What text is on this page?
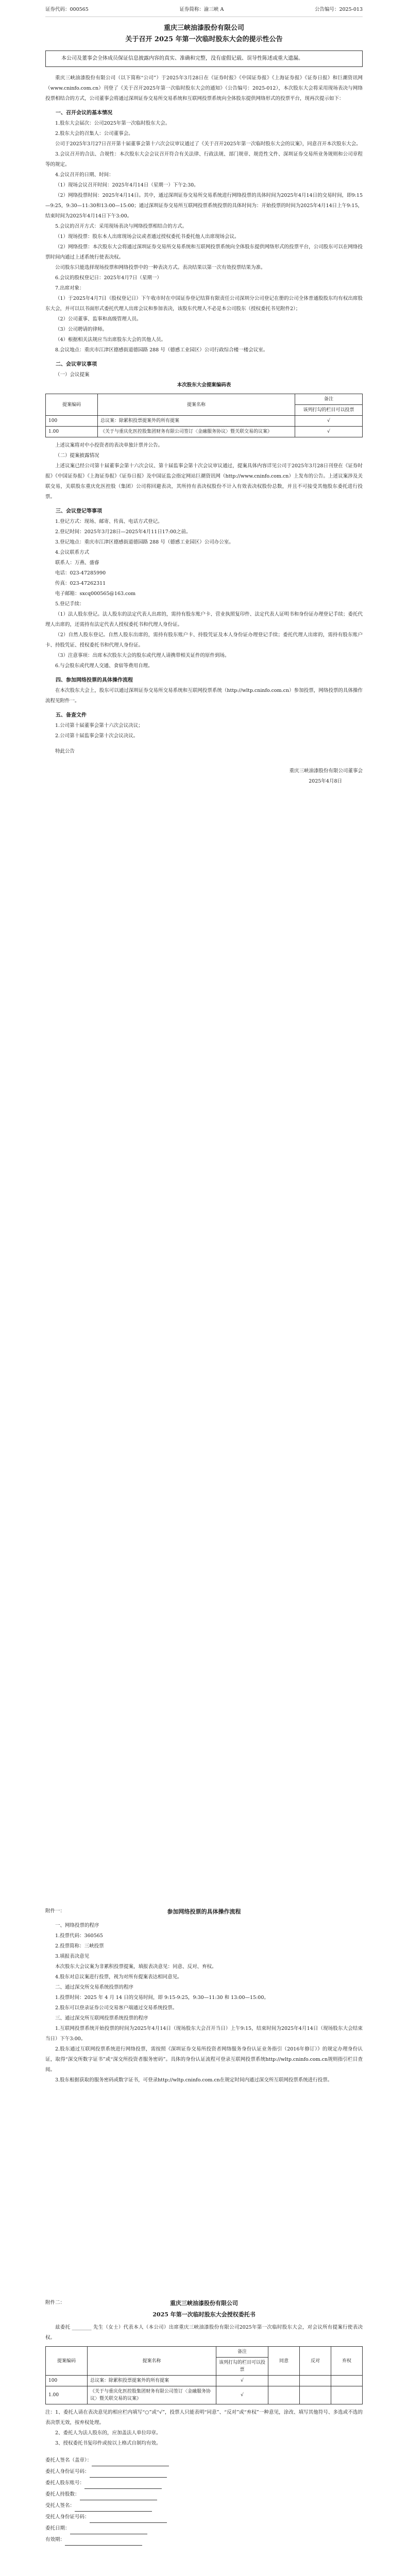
证券代码：000565	证券简称：渝三峡 A	公告编号：2025-013

重庆三峡油漆股份有限公司

关于召开 2025 年第一次临时股东大会的提示性公告

本公司及董事会全体成员保证信息披露内容的真实、准确和完整，没有虚假记载、误导性陈述或重大遗漏。

重庆三峡油漆股份有限公司（以下简称“公司”）于2025年3月28日在《证券时报》《中国证券报》《上海证券报》《证券日报》和巨潮资讯网（www.cninfo.com.cn）刊登了《关于召开2025年第一次临时股东大会的通知》（公告编号：2025-012），本次股东大会将采用现场表决与网络投票相结合的方式，公司董事会将通过深圳证券交易所交易系统和互联网投票系统向全体股东提供网络形式的投票平台，现再次提示如下：

一、召开会议的基本情况

1.股东大会届次：公司2025年第一次临时股东大会。

2.股东大会的召集人：公司董事会。

公司于2025年3月27日召开第十届董事会第十六次会议审议通过了《关于召开2025年第一次临时股东大会的议案》，同意召开本次股东大会。

3.会议召开的合法、合规性：本次股东大会会议召开符合有关法律、行政法规、部门规章、规范性文件、深圳证券交易所业务规则和公司章程等的规定。

4.会议召开的日期、时间：

（1）现场会议召开时间：2025年4月14日（星期一）下午2:30。

（2）网络投票时间：2025年4月14日。其中，通过深圳证券交易所交易系统进行网络投票的具体时间为2025年4月14日的交易时间，即9:15—9:25，9:30—11:30和13:00—15:00；通过深圳证券交易所互联网投票系统投票的具体时间为：开始投票的时间为2025年4月14日上午9:15，结束时间为2025年4月14日下午3:00。

5.会议的召开方式：采用现场表决与网络投票相结合的方式。

（1）现场投票：股东本人出席现场会议或者通过授权委托书委托他人出席现场会议。

（2）网络投票：本次股东大会将通过深圳证券交易所交易系统和互联网投票系统向全体股东提供网络形式的投票平台，公司股东可以在网络投票时间内通过上述系统行使表决权。

公司股东只能选择现场投票和网络投票中的一种表决方式。表决结果以第一次有效投票结果为准。

6.会议的股权登记日：2025年4月7日（星期一）

7.出席对象：

（1）于2025年4月7日（股权登记日）下午收市时在中国证券登记结算有限责任公司深圳分公司登记在册的公司全体普通股股东均有权出席股东大会，并可以以书面形式委托代理人出席会议和参加表决，该股东代理人不必是本公司股东（授权委托书见附件2）；

（2）公司董事、监事和高级管理人员。

（3）公司聘请的律师。

（4）根据相关法规应当出席股东大会的其他人员。

8.会议地点：重庆市江津区德感街道德园路 288 号（德感工业园区）公司行政综合楼一楼会议室。

二、会议审议事项

（一）会议提案

本次股东大会提案编码表

提案编码	提案名称	备注
		该列打勾的栏目可以投票
100	总议案：除累积投票提案外的所有提案	√
1.00	《关于与重庆化医控股集团财务有限公司签订〈金融服务协议〉暨关联交易的议案》	√

上述议案将对中小投资者的表决单独计票并公告。

（二）提案披露情况

上述议案已经公司第十届董事会第十六次会议、第十届监事会第十次会议审议通过，提案具体内容详见公司于2025年3月28日刊登在《证券时报》《中国证券报》《上海证券报》《证券日报》及中国证监会指定网站巨潮资讯网（http://www.cninfo.com.cn）上发布的公告。上述议案涉及关联交易，关联股东重庆化医控股（集团）公司将回避表决，其所持有表决权股份不计入有效表决权股份总数，并且不可接受其他股东委托进行投票。

三、会议登记等事项

1.登记方式：现场、邮寄、传真、电话方式登记。

2.登记时间：2025年3月28日—2025年4月11日17:00之前。

3.登记地点：重庆市江津区德感街道德园路 288 号（德感工业园区）公司办公室。

4.会议联系方式

联系人：万燕、盛睿

电话：023-47285990

传真：023-47262311

电子邮箱：sxcq000565@163.com

5.登记手续：

（1）法人股东登记。法人股东的法定代表人出席的，需持有股东账户卡、营业执照复印件、法定代表人证明书和身份证办理登记手续；委托代理人出席的，还需持有法定代表人授权委托书和代理人身份证。

（2）自然人股东登记。自然人股东出席的，需持有股东账户卡、持股凭证及本人身份证办理登记手续；委托代理人出席的，需持有股东账户卡、持股凭证、授权委托书和代理人身份证。

（3）注意事项：出席本次股东大会的股东或代理人请携带相关证件的原件到场。

6.与会股东或代理人交通、食宿等费用自理。

四、参加网络投票的具体操作流程

在本次股东大会上，股东可以通过深圳证券交易所交易系统和互联网投票系统（http://wltp.cninfo.com.cn）参加投票，网络投票的具体操作流程见附件一。

五、备查文件

1.公司第十届董事会第十六次会议决议；

2.公司第十届监事会第十次会议决议。

特此公告

重庆三峡油漆股份有限公司董事会

2025年4月8日

附件一：	参加网络投票的具体操作流程

一、网络投票的程序

1.投票代码：360565

2.投票简称：三峡投票

3.填报表决意见

本次股东大会议案为非累积投票提案，填报表决意见：同意、反对、弃权。

4.股东对总议案进行投票，视为对所有提案表达相同意见。

二、通过深交所交易系统投票的程序

1.投票时间：2025 年 4 月 14 日的交易时间，即 9:15-9:25，9:30—11:30 和 13:00—15:00。

2.股东可以登录证券公司交易客户端通过交易系统投票。

三、通过深交所互联网投票系统投票的程序

1.互联网投票系统开始投票的时间为2025年4月14日（现场股东大会召开当日）上午9:15，结束时间为2025年4月14日（现场股东大会结束当日）下午3:00。

2.股东通过互联网投票系统进行网络投票，需按照《深圳证券交易所投资者网络服务身份认证业务指引（2016年修订）》的规定办理身份认证，取得“深交所数字证书”或“深交所投资者服务密码”。具体的身份认证流程可登录互联网投票系统http://wltp.cninfo.com.cn规则指引栏目查阅。

3.股东根据获取的服务密码或数字证书，可登录http://wltp.cninfo.com.cn在规定时间内通过深交所互联网投票系统进行投票。

附件二：	重庆三峡油漆股份有限公司

2025 年第一次临时股东大会授权委托书

兹委托 ________ 先生（女士）代表本人（本公司）出席重庆三峡油漆股份有限公司2025年第一次临时股东大会，对会议所有提案行使表决权。

提案编码	提案名称	备注	同意	反对	弃权
		该列打勾的栏目可以投票			
100	总议案：除累积投票提案外的所有提案	√			
1.00	《关于与重庆化医控股集团财务有限公司签订〈金融服务协议〉暨关联交易的议案》	√			

注：1、委托人请在表决意见的相应栏内填写“○”或“√”，投票人只能表明“同意”、“反对”或“弃权”一种意见，涂改、填写其他符号、多选或不选的表决票无效，按弃权处理。

2、委托人为法人股东的，应加盖法人单位印章。

3、授权委托书复印件或按以上格式自制均有效。

委托人签名（盖章）：

委托人身份证号码：

委托人股东账号：

委托人持股数：

受托人签名：

受托人身份证号码：

委托日期：

有效期：
